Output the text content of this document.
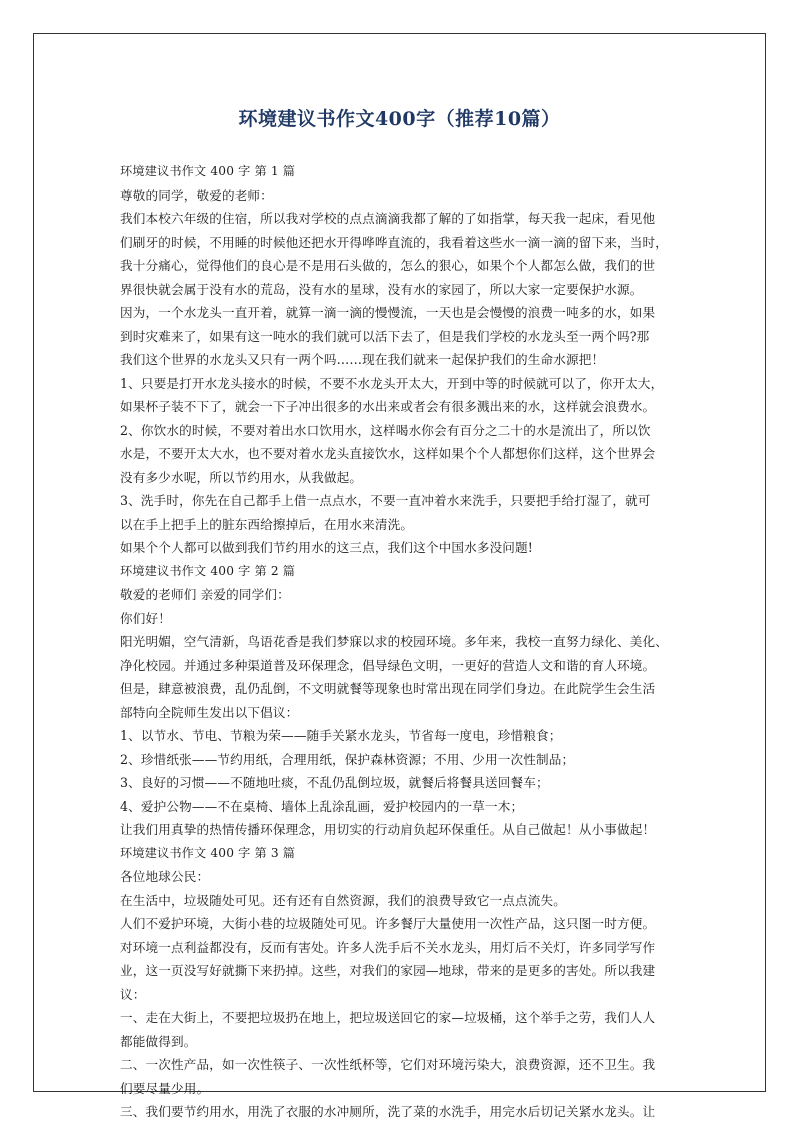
环境建议书作文400字（推荐10篇）
环境建议书作文 400 字 第 1 篇
尊敬的同学，敬爱的老师：
我们本校六年级的住宿，所以我对学校的点点滴滴我都了解的了如指掌，每天我一起床，看见他
们刷牙的时候，不用睡的时候他还把水开得哗哗直流的，我看着这些水一滴一滴的留下来，当时，
我十分痛心，觉得他们的良心是不是用石头做的，怎么的狠心，如果个个人都怎么做，我们的世
界很快就会属于没有水的荒岛，没有水的星球，没有水的家园了，所以大家一定要保护水源。
因为，一个水龙头一直开着，就算一滴一滴的慢慢流，一天也是会慢慢的浪费一吨多的水，如果
到时灾难来了，如果有这一吨水的我们就可以活下去了，但是我们学校的水龙头至一两个吗?那
我们这个世界的水龙头又只有一两个吗……现在我们就来一起保护我们的生命水源把！
1、只要是打开水龙头接水的时候，不要不水龙头开太大，开到中等的时候就可以了，你开太大，
如果杯子装不下了，就会一下子冲出很多的水出来或者会有很多溅出来的水，这样就会浪费水。
2、你饮水的时候，不要对着出水口饮用水，这样喝水你会有百分之二十的水是流出了，所以饮
水是，不要开太大水，也不要对着水龙头直接饮水，这样如果个个人都想你们这样，这个世界会
没有多少水呢，所以节约用水，从我做起。
3、洗手时，你先在自己都手上借一点点水，不要一直冲着水来洗手，只要把手给打湿了，就可
以在手上把手上的脏东西给擦掉后，在用水来清洗。
如果个个人都可以做到我们节约用水的这三点，我们这个中国水多没问题!
环境建议书作文 400 字 第 2 篇
敬爱的老师们 亲爱的同学们：
你们好！
阳光明媚，空气清新，鸟语花香是我们梦寐以求的校园环境。多年来，我校一直努力绿化、美化、
净化校园。并通过多种渠道普及环保理念，倡导绿色文明，一更好的营造人文和谐的育人环境。
但是，肆意被浪费，乱仍乱倒，不文明就餐等现象也时常出现在同学们身边。在此院学生会生活
部特向全院师生发出以下倡议：
1、以节水、节电、节粮为荣——随手关紧水龙头，节省每一度电，珍惜粮食；
2、珍惜纸张——节约用纸，合理用纸，保护森林资源；不用、少用一次性制品；
3、良好的习惯——不随地吐痰，不乱仍乱倒垃圾，就餐后将餐具送回餐车；
4、爱护公物——不在桌椅、墙体上乱涂乱画，爱护校园内的一草一木；
让我们用真挚的热情传播环保理念，用切实的行动肩负起环保重任。从自己做起！从小事做起！
环境建议书作文 400 字 第 3 篇
各位地球公民：
在生活中，垃圾随处可见。还有还有自然资源，我们的浪费导致它一点点流失。
人们不爱护环境，大街小巷的垃圾随处可见。许多餐厅大量使用一次性产品，这只图一时方便。
对环境一点利益都没有，反而有害处。许多人洗手后不关水龙头，用灯后不关灯，许多同学写作
业，这一页没写好就撕下来扔掉。这些，对我们的家园—地球，带来的是更多的害处。所以我建
议：
一、走在大街上，不要把垃圾扔在地上，把垃圾送回它的家—垃圾桶，这个举手之劳，我们人人
都能做得到。
二、一次性产品，如一次性筷子、一次性纸杯等，它们对环境污染大，浪费资源，还不卫生。我
们要尽量少用。
三、我们要节约用水，用洗了衣服的水冲厕所，洗了菜的水洗手，用完水后切记关紧水龙头。让
